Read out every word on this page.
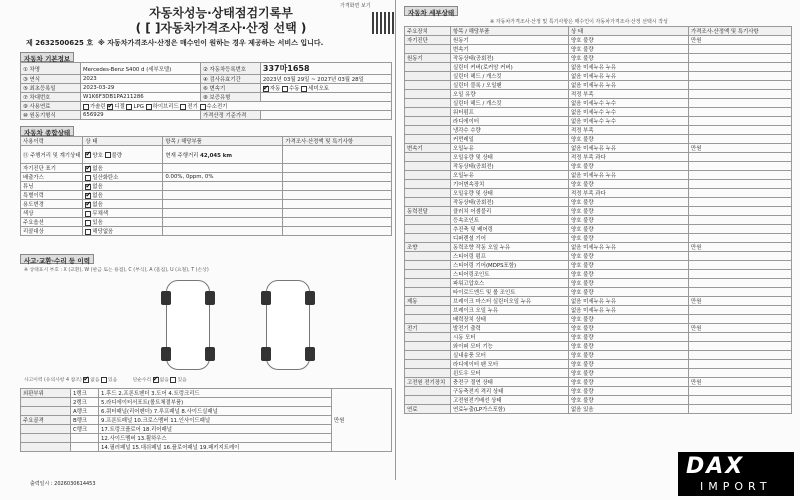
자동차성능·상태점검기록부
( [ ]자동차가격조사·산정 선택 )
가격화면 보기
제 2632500625 호 ※ 자동차가격조사·산정은 매수인이 원하는 경우 제공하는 서비스 입니다.
자동차 기본정보
① 차명	Mercedes-Benz S400 d (세부모델)	② 자동차등록번호	337마1658
③ 연식	2023	④ 검사유효기간	2023년 03월 29일 ~ 2027년 03월 28일
⑤ 최초등록일	2023-03-29	⑥ 변속기	✔자동 수동 세미오토
⑦ 차대번호	W1K6F3DB1PA211286	⑧ 보증유형	
⑨ 사용연료	가솔린 ✔ 디젤 LPG 하이브리드 전기 수소전기
⑩ 원동기형식	656929	가격산정 기준가격	
자동차 종합상태
사용이력	상 태	항목 / 해당부품	가격조사·산정액 및 특기사항
⑪ 주행거리 및 계기상태	✔양호 불량	현재 주행거리 42,045 km	
자기진단 표기	✔없음		
배출가스	일산화탄소	0.00%, 0ppm, 0%	
튜닝	✔없음		
특별이력	✔없음		
용도변경	✔없음		
색상	무채색		
주요옵션	있음		
리콜대상	해당없음		
사고·교환·수리 등 이력
※ 상태표시 부호 : X (교환), W (판금 또는 용접), C (부식), A (흠집), U (요철), T (손상)
사고이력 (유의사항 4 참조) ✔ 없음 있음          단순수리 ✔ 없음 있음
외판부위	1랭크	1.후드 2.프론트펜더 3.도어 4.트렁크리드	만원
	2랭크	5.라디에이터서포트(볼트체결부품)	
	A랭크	6.쿼터패널(리어펜더) 7.루프패널 8.사이드실패널	
주요골격	B랭크	9.프론트패널 10.크로스멤버 11.인사이드패널	
	C랭크	17.트렁크플로어 18.리어패널	
		12.사이드멤버 13.휠하우스	
		14.필러패널 15.대쉬패널 16.플로어패널 19.패키지트레이	
자동차 세부상태
※ 자동차가격조사·산정 및 특기사항은 매수인이 자동차가격조사·산정 선택시 작성
주요장치	항목 / 해당부품	상 태	가격조사·산정액 및 특기사항
자기진단	원동기	양호 불량	만원
	변속기	양호 불량	
원동기	작동상태(공회전)	양호 불량	
	실린더 커버(로커암 커버)	없음 미세누유 누유	
	실린더 헤드 / 개스킷	없음 미세누유 누유	
	실린더 블록 / 오일팬	없음 미세누유 누유	
	오일 유량	적정 부족	
	실린더 헤드 / 개스킷	없음 미세누수 누수	
	워터펌프	없음 미세누수 누수	
	라디에이터	없음 미세누수 누수	
	냉각수 수량	적정 부족	
	커먼레일	양호 불량	
변속기	오일누유	없음 미세누유 누유	만원
	오일유량 및 상태	적정 부족 과다	
	작동상태(공회전)	양호 불량	
	오일누유	없음 미세누유 누유	
	기어변속장치	양호 불량	
	오일유량 및 상태	적정 부족 과다	
	작동상태(공회전)	양호 불량	
동력전달	클러치 어셈블리	양호 불량	
	등속조인트	양호 불량	
	추진축 및 베어링	양호 불량	
	디퍼렌셜 기어	양호 불량	
조향	동력조향 작동 오일 누유	없음 미세누유 누유	만원
	스티어링 펌프	양호 불량	
	스티어링 기어(MDPS포함)	양호 불량	
	스티어링조인트	양호 불량	
	파워고압호스	양호 불량	
	타이로드엔드 및 볼 조인트	양호 불량	
제동	브레이크 마스터 실린더오일 누유	없음 미세누유 누유	만원
	브레이크 오일 누유	없음 미세누유 누유	
	배력장치 상태	양호 불량	
전기	발전기 출력	양호 불량	만원
	시동 모터	양호 불량	
	와이퍼 모터 기능	양호 불량	
	실내송풍 모터	양호 불량	
	라디에이터 팬 모터	양호 불량	
	윈도우 모터	양호 불량	
고전원 전기장치	충전구 절연 상태	양호 불량	만원
	구동축전지 격리 상태	양호 불량	
	고전원전기배선 상태	양호 불량	
연료	연료누출(LP가스포함)	없음 있음	
출력일시 : 2026030614453
DAX
IMPORT
